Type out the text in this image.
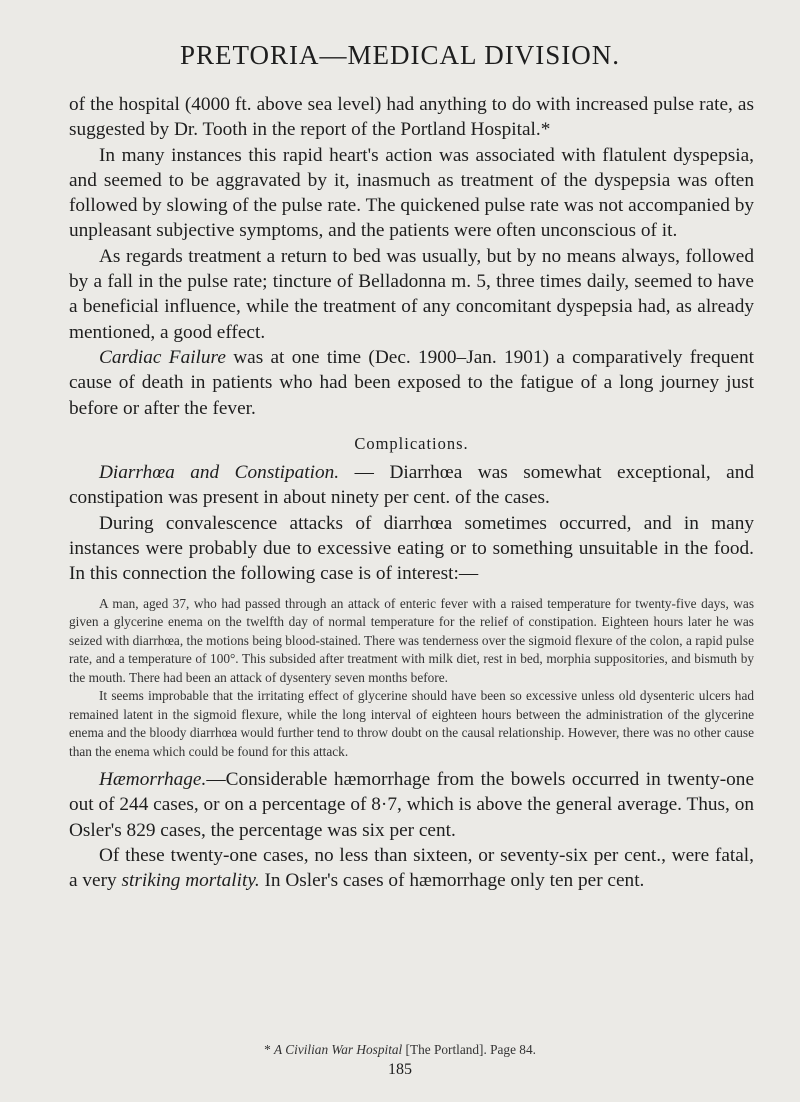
PRETORIA—MEDICAL DIVISION.

of the hospital (4000 ft. above sea level) had anything to do with increased pulse rate, as suggested by Dr. Tooth in the report of the Portland Hospital.*

In many instances this rapid heart's action was associated with flatulent dyspepsia, and seemed to be aggravated by it, inasmuch as treatment of the dyspepsia was often followed by slowing of the pulse rate. The quickened pulse rate was not accompanied by unpleasant subjective symptoms, and the patients were often unconscious of it.

As regards treatment a return to bed was usually, but by no means always, followed by a fall in the pulse rate; tincture of Belladonna m. 5, three times daily, seemed to have a beneficial influence, while the treatment of any concomitant dyspepsia had, as already mentioned, a good effect.

Cardiac Failure was at one time (Dec. 1900–Jan. 1901) a comparatively frequent cause of death in patients who had been exposed to the fatigue of a long journey just before or after the fever.

Complications.

Diarrhœa and Constipation. — Diarrhœa was somewhat exceptional, and constipation was present in about ninety per cent. of the cases.

During convalescence attacks of diarrhœa sometimes occurred, and in many instances were probably due to excessive eating or to something unsuitable in the food. In this connection the following case is of interest:—

A man, aged 37, who had passed through an attack of enteric fever with a raised temperature for twenty-five days, was given a glycerine enema on the twelfth day of normal temperature for the relief of constipation. Eighteen hours later he was seized with diarrhœa, the motions being blood-stained. There was tenderness over the sigmoid flexure of the colon, a rapid pulse rate, and a temperature of 100°. This subsided after treatment with milk diet, rest in bed, morphia suppositories, and bismuth by the mouth. There had been an attack of dysentery seven months before.

It seems improbable that the irritating effect of glycerine should have been so excessive unless old dysenteric ulcers had remained latent in the sigmoid flexure, while the long interval of eighteen hours between the administration of the glycerine enema and the bloody diarrhœa would further tend to throw doubt on the causal relationship. However, there was no other cause than the enema which could be found for this attack.

Hæmorrhage.—Considerable hæmorrhage from the bowels occurred in twenty-one out of 244 cases, or on a percentage of 8·7, which is above the general average. Thus, on Osler's 829 cases, the percentage was six per cent.

Of these twenty-one cases, no less than sixteen, or seventy-six per cent., were fatal, a very striking mortality. In Osler's cases of hæmorrhage only ten per cent.

* A Civilian War Hospital [The Portland]. Page 84.
185
